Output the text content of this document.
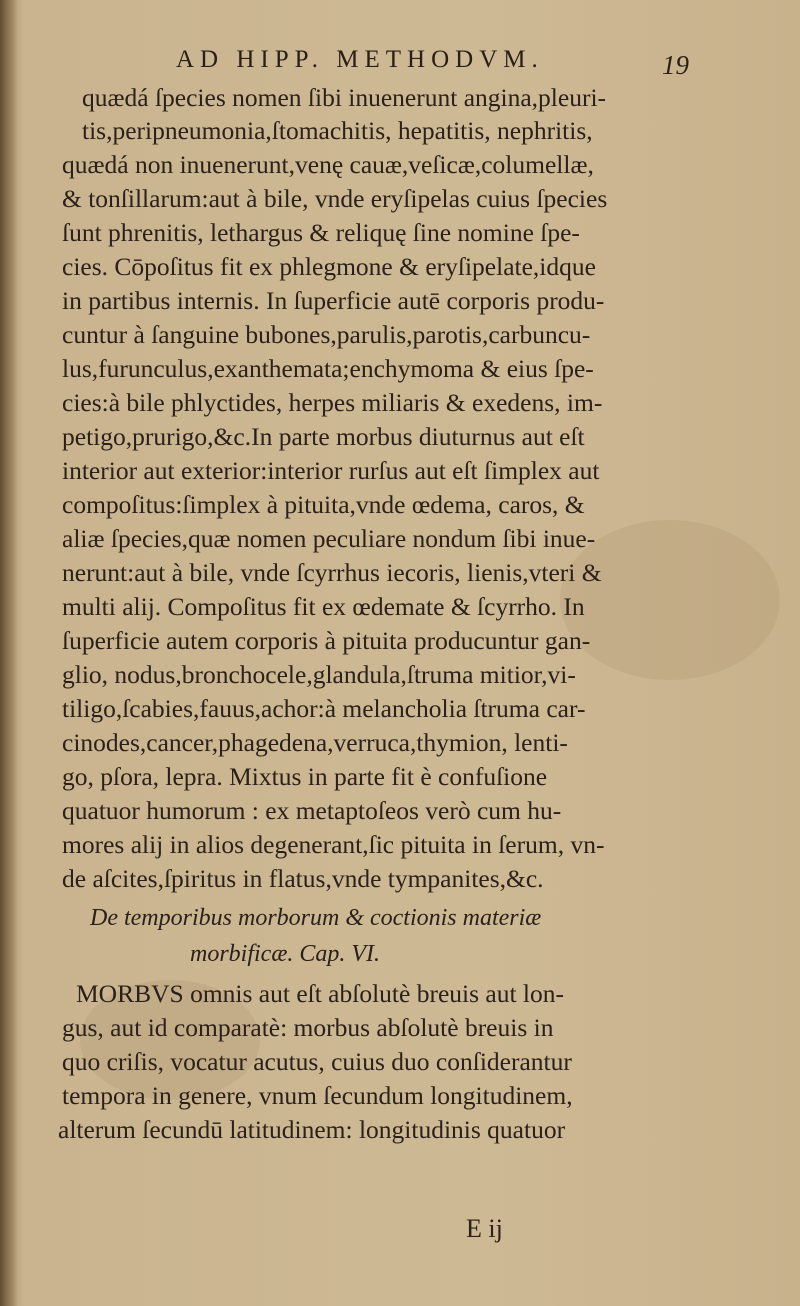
AD HIPP. METHODVM.	19
quædá ſpecies nomen ſibi inuenerunt angina,pleuri-
tis,peripneumonia,ſtomachitis, hepatitis, nephritis,
quædá non inuenerunt,venę cauæ,veſicæ,columellæ,
& tonſillarum:aut à bile, vnde eryſipelas cuius ſpecies
ſunt phrenitis, lethargus & reliquę ſine nomine ſpe-
cies. Cōpoſitus fit ex phlegmone & eryſipelate,idque
in partibus internis. In ſuperficie autē corporis produ-
cuntur à ſanguine bubones,parulis,parotis,carbuncu-
lus,furunculus,exanthemata;enchymoma & eius ſpe-
cies:à bile phlyctides, herpes miliaris & exedens, im-
petigo,prurigo,&c.In parte morbus diuturnus aut eſt
interior aut exterior:interior rurſus aut eſt ſimplex aut
compoſitus:ſimplex à pituita,vnde œdema, caros, &
aliæ ſpecies,quæ nomen peculiare nondum ſibi inue-
nerunt:aut à bile, vnde ſcyrrhus iecoris, lienis,vteri &
multi alij. Compoſitus fit ex œdemate & ſcyrrho. In
ſuperficie autem corporis à pituita producuntur gan-
glio, nodus,bronchocele,glandula,ſtruma mitior,vi-
tiligo,ſcabies,fauus,achor:à melancholia ſtruma car-
cinodes,cancer,phagedena,verruca,thymion, lenti-
go, pſora, lepra. Mixtus in parte fit è confuſione
quatuor humorum : ex metaptoſeos verò cum hu-
mores alij in alios degenerant,ſic pituita in ſerum, vn-
de aſcites,ſpiritus in flatus,vnde tympanites,&c.
De temporibus morborum & coctionis materiæ
morbificæ. Cap. VI.
MORBVS omnis aut eſt abſolutè breuis aut lon-
gus, aut id comparatè: morbus abſolutè breuis in
quo criſis, vocatur acutus, cuius duo conſiderantur
tempora in genere, vnum ſecundum longitudinem,
alterum ſecundū latitudinem: longitudinis quatuor
E ij
